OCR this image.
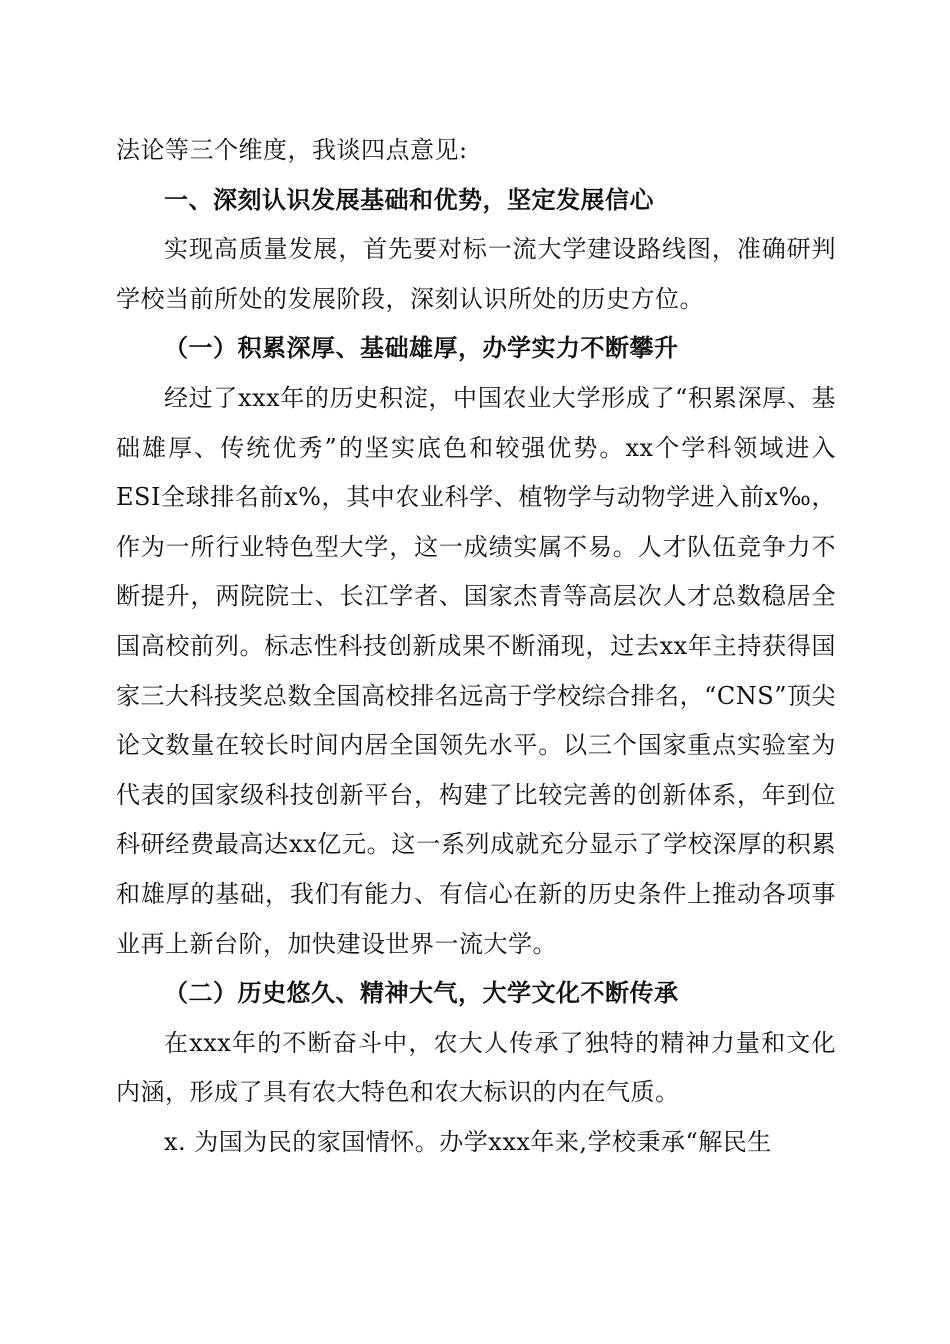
法论等三个维度，我谈四点意见:

一、深刻认识发展基础和优势，坚定发展信心

实现高质量发展，首先要对标一流大学建设路线图，准确研判学校当前所处的发展阶段，深刻认识所处的历史方位。

（一）积累深厚、基础雄厚，办学实力不断攀升

经过了xxx年的历史积淀，中国农业大学形成了“积累深厚、基础雄厚、传统优秀”的坚实底色和较强优势。xx个学科领域进入ESI全球排名前x%，其中农业科学、植物学与动物学进入前x‰，作为一所行业特色型大学，这一成绩实属不易。人才队伍竞争力不断提升，两院院士、长江学者、国家杰青等高层次人才总数稳居全国高校前列。标志性科技创新成果不断涌现，过去xx年主持获得国家三大科技奖总数全国高校排名远高于学校综合排名，“CNS”顶尖论文数量在较长时间内居全国领先水平。以三个国家重点实验室为代表的国家级科技创新平台，构建了比较完善的创新体系，年到位科研经费最高达xx亿元。这一系列成就充分显示了学校深厚的积累和雄厚的基础，我们有能力、有信心在新的历史条件上推动各项事业再上新台阶，加快建设世界一流大学。

（二）历史悠久、精神大气，大学文化不断传承

在xxx年的不断奋斗中，农大人传承了独特的精神力量和文化内涵，形成了具有农大特色和农大标识的内在气质。

x. 为国为民的家国情怀。办学xxx年来,学校秉承“解民生
